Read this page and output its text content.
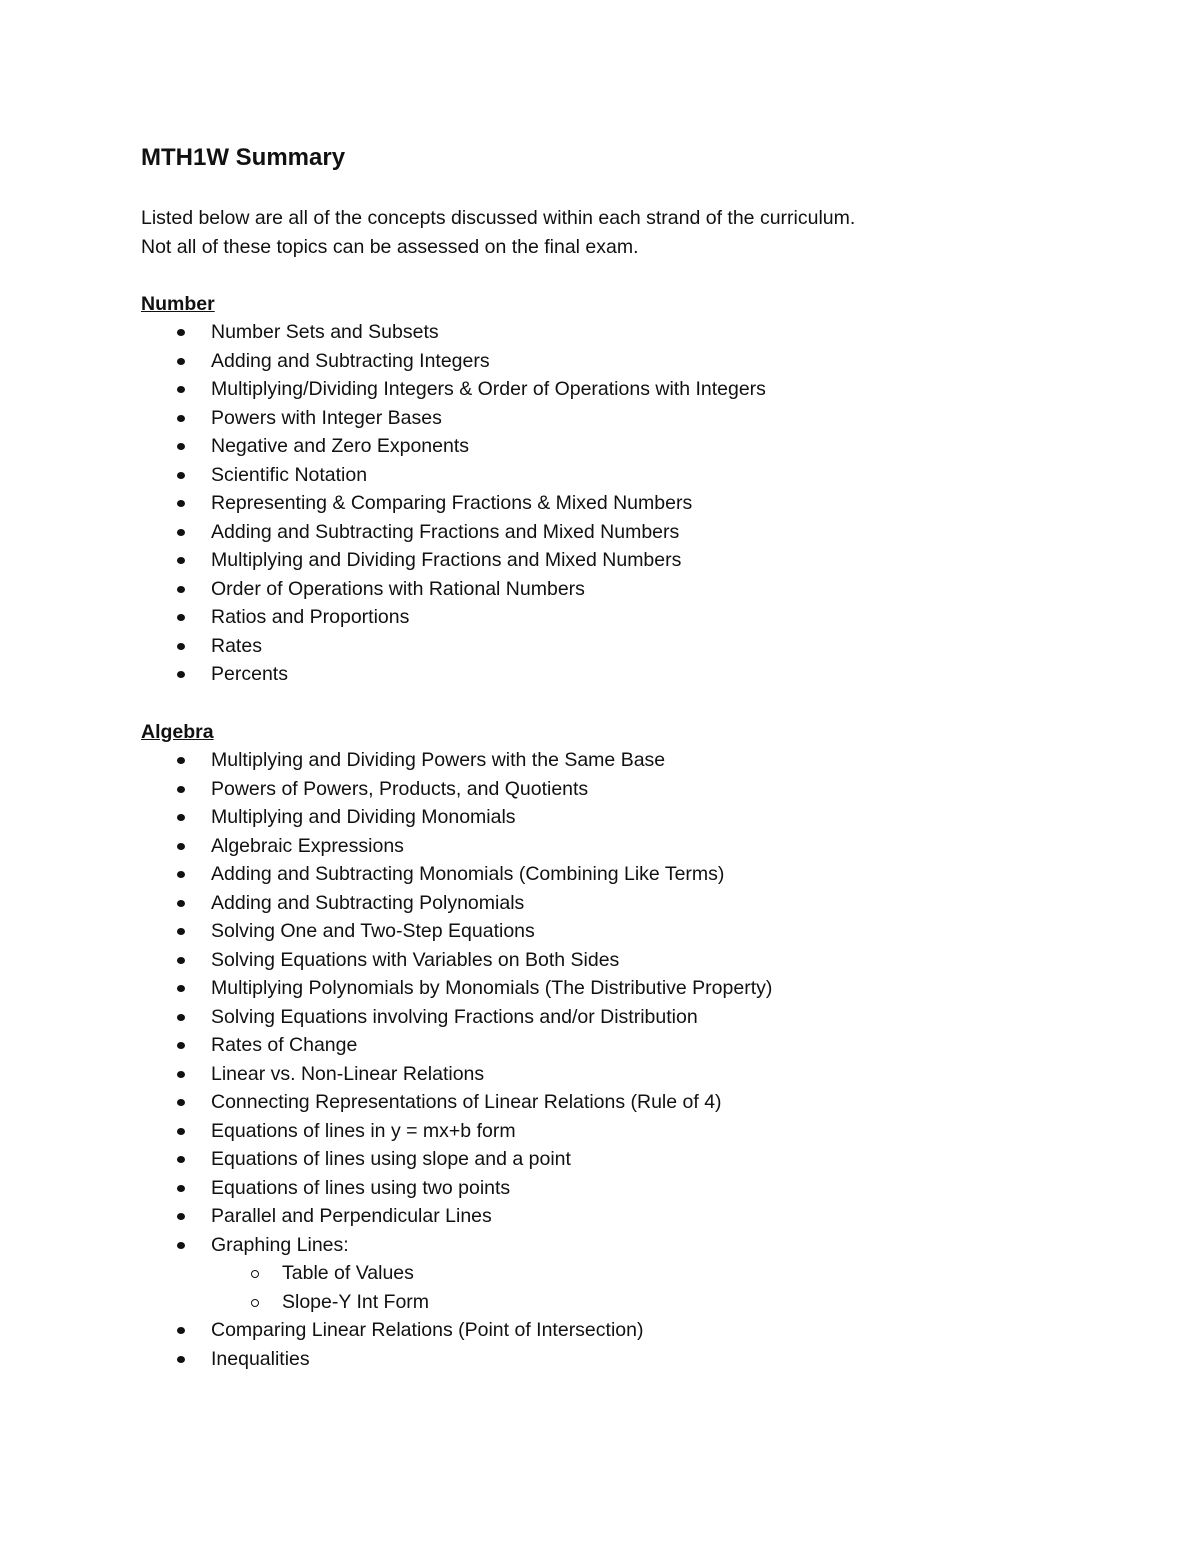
MTH1W Summary

Listed below are all of the concepts discussed within each strand of the curriculum.

Not all of these topics can be assessed on the final exam.

Number
Number Sets and Subsets
Adding and Subtracting Integers
Multiplying/Dividing Integers & Order of Operations with Integers
Powers with Integer Bases
Negative and Zero Exponents
Scientific Notation
Representing & Comparing Fractions & Mixed Numbers
Adding and Subtracting Fractions and Mixed Numbers
Multiplying and Dividing Fractions and Mixed Numbers
Order of Operations with Rational Numbers
Ratios and Proportions
Rates
Percents
Algebra
Multiplying and Dividing Powers with the Same Base
Powers of Powers, Products, and Quotients
Multiplying and Dividing Monomials
Algebraic Expressions
Adding and Subtracting Monomials (Combining Like Terms)
Adding and Subtracting Polynomials
Solving One and Two-Step Equations
Solving Equations with Variables on Both Sides
Multiplying Polynomials by Monomials (The Distributive Property)
Solving Equations involving Fractions and/or Distribution
Rates of Change
Linear vs. Non-Linear Relations
Connecting Representations of Linear Relations (Rule of 4)
Equations of lines in y = mx+b form
Equations of lines using slope and a point
Equations of lines using two points
Parallel and Perpendicular Lines
Graphing Lines:
Table of Values
Slope-Y Int Form
Comparing Linear Relations (Point of Intersection)
Inequalities
